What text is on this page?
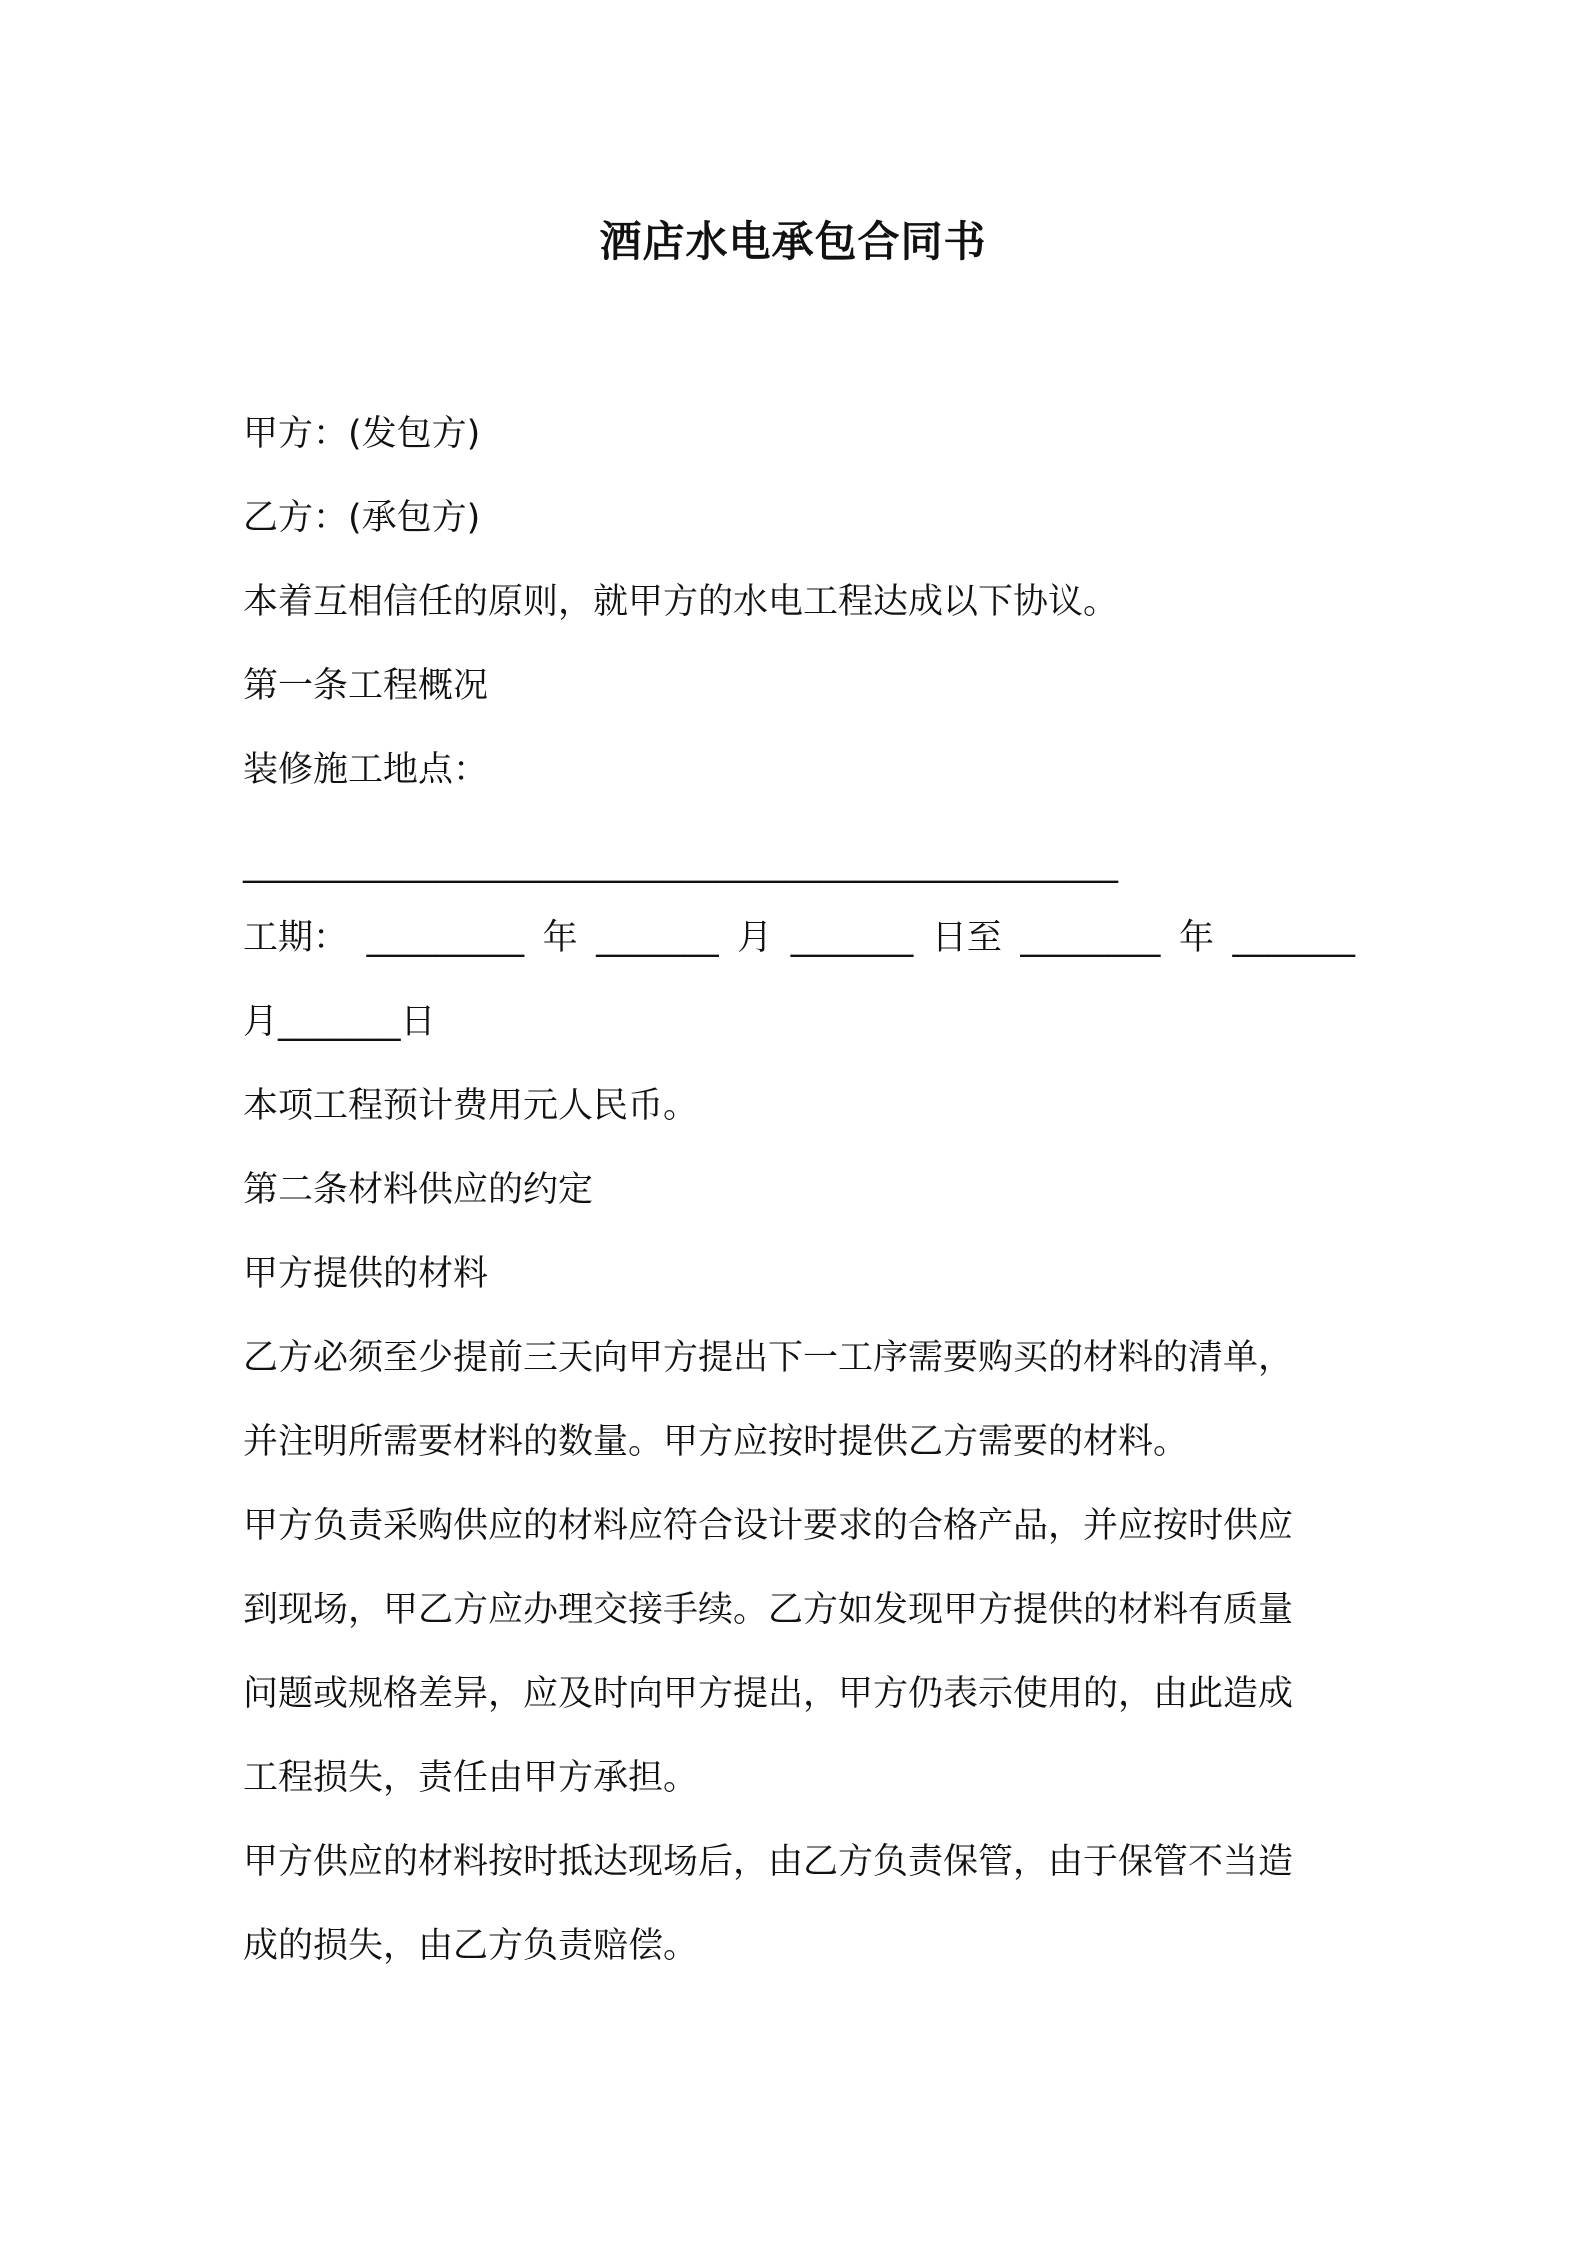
酒店水电承包合同书
甲方：(发包方)
乙方：(承包方)
本着互相信任的原则，就甲方的水电工程达成以下协议。
第一条工程概况
装修施工地点：
__________________________________________________
工期： _________ 年 _______ 月 _______ 日至 ________ 年 _______
月_______日
本项工程预计费用元人民币。
第二条材料供应的约定
甲方提供的材料
乙方必须至少提前三天向甲方提出下一工序需要购买的材料的清单，
并注明所需要材料的数量。甲方应按时提供乙方需要的材料。
甲方负责采购供应的材料应符合设计要求的合格产品，并应按时供应
到现场，甲乙方应办理交接手续。乙方如发现甲方提供的材料有质量
问题或规格差异，应及时向甲方提出，甲方仍表示使用的，由此造成
工程损失，责任由甲方承担。
甲方供应的材料按时抵达现场后，由乙方负责保管，由于保管不当造
成的损失，由乙方负责赔偿。
